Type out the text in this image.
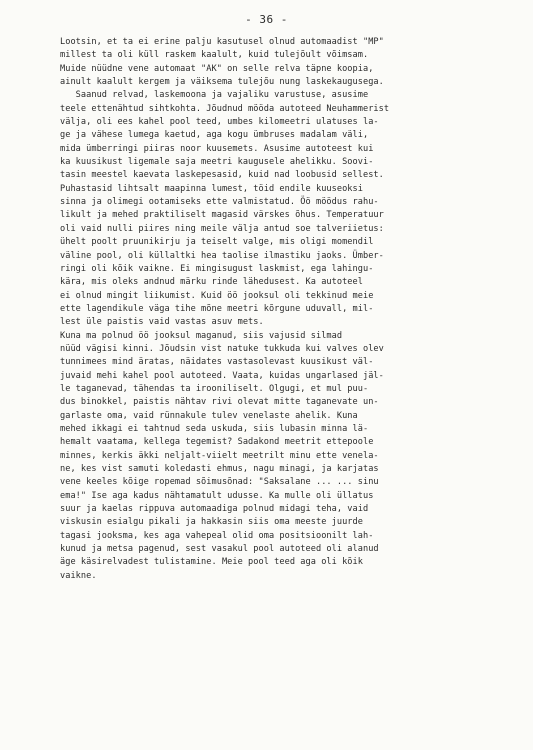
- 36 -
Lootsin, et ta ei erine palju kasutusel olnud automaadist "MP"
millest ta oli küll raskem kaalult, kuid tulejõult võimsam.
Muide nüüdne vene automaat "AK" on selle relva täpne koopia,
ainult kaalult kergem ja väiksema tulejõu nung laskekaugusega.
Saanud relvad, laskemoona ja vajaliku varustuse, asusime
teele ettenähtud sihtkohta. Jõudnud mööda autoteed Neuhammerist
välja, oli ees kahel pool teed, umbes kilomeetri ulatuses la-
ge ja vähese lumega kaetud, aga kogu ümbruses madalam väli,
mida ümberringi piiras noor kuusemets. Asusime autoteest kui
ka kuusikust ligemale saja meetri kaugusele ahelikku. Soovi-
tasin meestel kaevata laskepesasid, kuid nad loobusid sellest.
Puhastasid lihtsalt maapinna lumest, töid endile kuuseoksi
sinna ja olimegi ootamiseks ette valmistatud. Öö möödus rahu-
likult ja mehed praktiliselt magasid värskes õhus. Temperatuur
oli vaid nulli piires ning meile välja antud soe talveriietus:
ühelt poolt pruunikirju ja teiselt valge, mis oligi momendil
väline pool, oli küllaltki hea taolise ilmastiku jaoks. Ümber-
ringi oli kõik vaikne. Ei mingisugust laskmist, ega lahingu-
kära, mis oleks andnud märku rinde lähedusest. Ka autoteel
ei olnud mingit liikumist. Kuid öö jooksul oli tekkinud meie
ette lagendikule väga tihe mõne meetri kõrgune uduvall, mil-
lest üle paistis vaid vastas asuv mets.
Kuna ma polnud öö jooksul maganud, siis vajusid silmad
nüüd vägisi kinni. Jõudsin vist natuke tukkuda kui valves olev
tunnimees mind äratas, näidates vastasolevast kuusikust väl-
juvaid mehi kahel pool autoteed. Vaata, kuidas ungarlased jäl-
le taganevad, tähendas ta irooniliselt. Olgugi, et mul puu-
dus binokkel, paistis nähtav rivi olevat mitte taganevate un-
garlaste oma, vaid rünnakule tulev venelaste ahelik. Kuna
mehed ikkagi ei tahtnud seda uskuda, siis lubasin minna lä-
hemalt vaatama, kellega tegemist? Sadakond meetrit ettepoole
minnes, kerkis äkki neljalt-viielt meetrilt minu ette venela-
ne, kes vist samuti koledasti ehmus, nagu minagi, ja karjatas
vene keeles kõige ropemad sõimusõnad: "Saksalane ... ... sinu
ema!" Ise aga kadus nähtamatult udusse. Ka mulle oli üllatus
suur ja kaelas rippuva automaadiga polnud midagi teha, vaid
viskusin esialgu pikali ja hakkasin siis oma meeste juurde
tagasi jooksma, kes aga vahepeal olid oma positsioonilt lah-
kunud ja metsa pagenud, sest vasakul pool autoteed oli alanud
äge käsirelvadest tulistamine. Meie pool teed aga oli kõik
vaikne.
